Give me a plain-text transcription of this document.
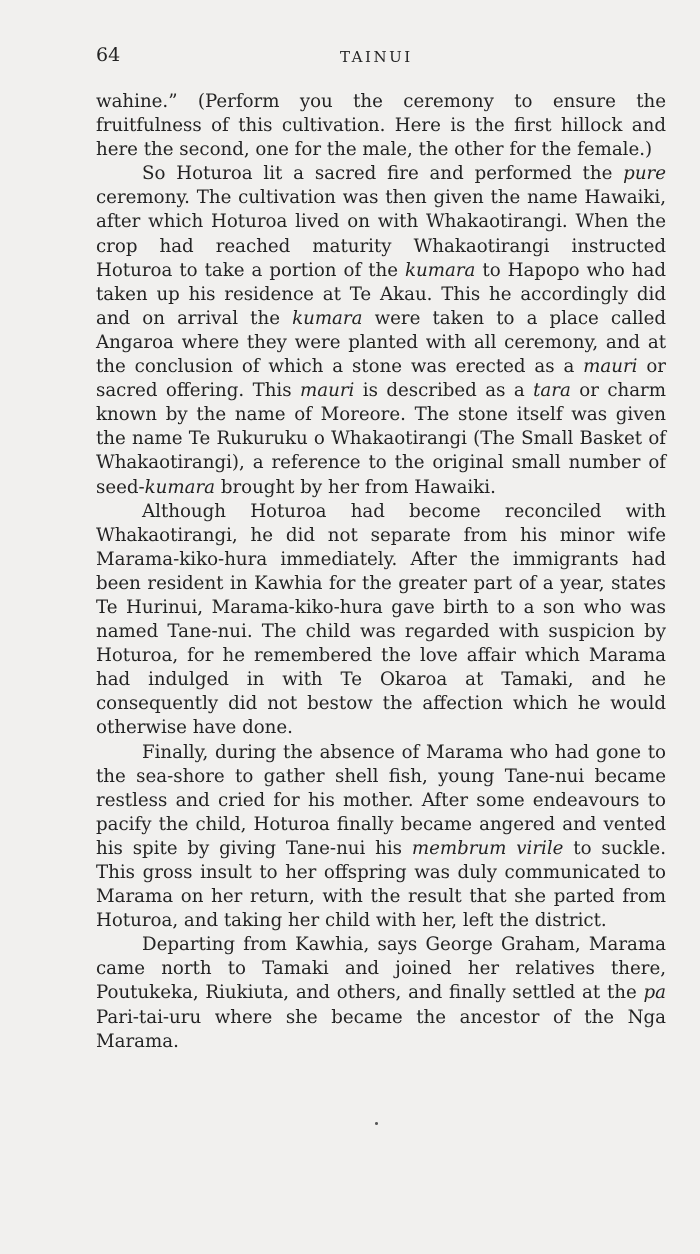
64	TAINUI

wahine.” (Perform you the ceremony to ensure the fruitfulness of this cultivation. Here is the first hillock and here the second, one for the male, the other for the female.)

So Hoturoa lit a sacred fire and performed the pure ceremony. The cultivation was then given the name Hawaiki, after which Hoturoa lived on with Whakaotirangi. When the crop had reached maturity Whakaotirangi instructed Hoturoa to take a portion of the kumara to Hapopo who had taken up his residence at Te Akau. This he accordingly did and on arrival the kumara were taken to a place called Angaroa where they were planted with all ceremony, and at the conclusion of which a stone was erected as a mauri or sacred offering. This mauri is described as a tara or charm known by the name of Moreore. The stone itself was given the name Te Rukuruku o Whakaotirangi (The Small Basket of Whakaotirangi), a reference to the original small number of seed-kumara brought by her from Hawaiki.

Although Hoturoa had become reconciled with Whakaotirangi, he did not separate from his minor wife Marama-kiko-hura immediately. After the immigrants had been resident in Kawhia for the greater part of a year, states Te Hurinui, Marama-kiko-hura gave birth to a son who was named Tane-nui. The child was regarded with suspicion by Hoturoa, for he remembered the love affair which Marama had indulged in with Te Okaroa at Tamaki, and he consequently did not bestow the affection which he would otherwise have done.

Finally, during the absence of Marama who had gone to the sea-shore to gather shell fish, young Tane-nui became restless and cried for his mother. After some endeavours to pacify the child, Hoturoa finally became angered and vented his spite by giving Tane-nui his membrum virile to suckle. This gross insult to her offspring was duly communicated to Marama on her return, with the result that she parted from Hoturoa, and taking her child with her, left the district.

Departing from Kawhia, says George Graham, Marama came north to Tamaki and joined her relatives there, Poutukeka, Riukiuta, and others, and finally settled at the pa Pari-tai-uru where she became the ancestor of the Nga Marama.
